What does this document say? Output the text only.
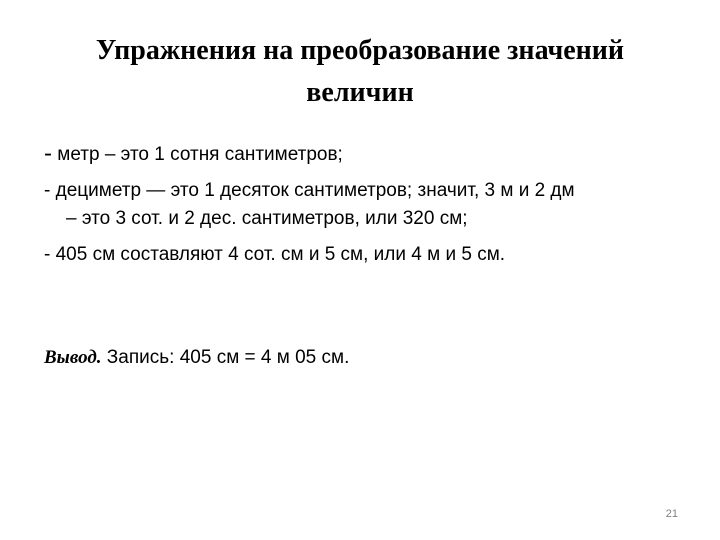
Упражнения на преобразование значений
величин
- метр – это 1 сотня сантиметров;
- дециметр — это 1 десяток сантиметров; значит, 3 м и 2 дм
– это 3 сот. и 2 дес. сантиметров, или 320 см;
- 405 см составляют 4 сот. см и 5 см, или 4 м и 5 см.
Вывод. Запись: 405 см = 4 м 05 см.
21
